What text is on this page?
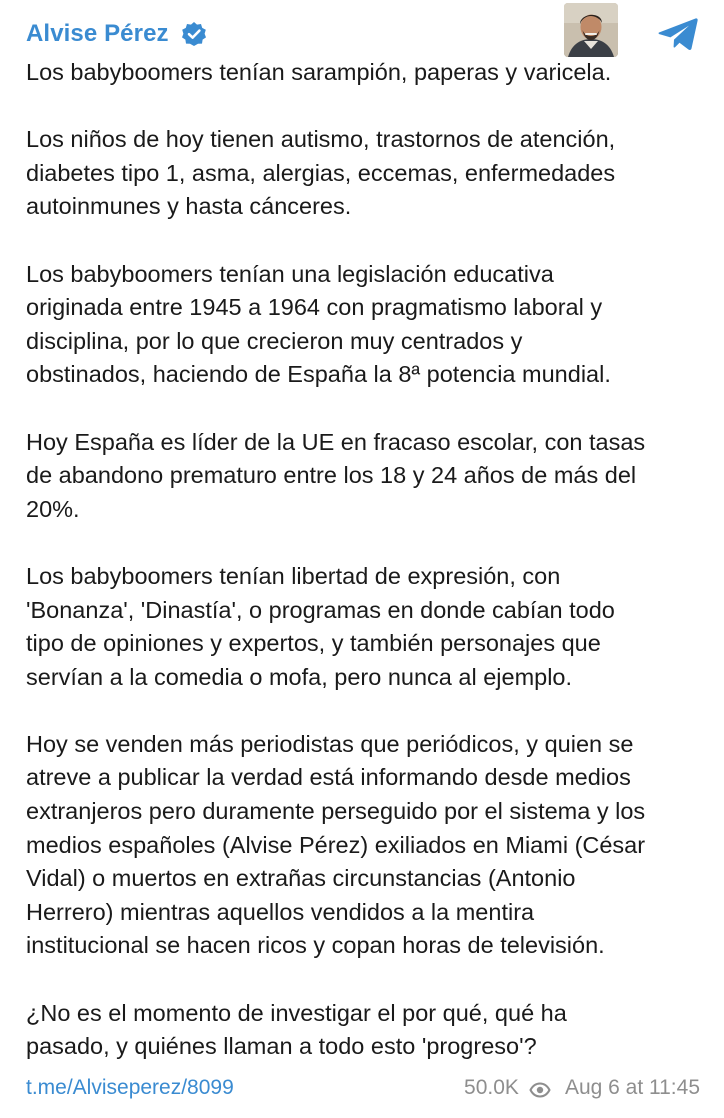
Alvise Pérez

Los babyboomers tenían sarampión, paperas y varicela.

Los niños de hoy tienen autismo, trastornos de atención,
diabetes tipo 1, asma, alergias, eccemas, enfermedades
autoinmunes y hasta cánceres.

Los babyboomers tenían una legislación educativa
originada entre 1945 a 1964 con pragmatismo laboral y
disciplina, por lo que crecieron muy centrados y
obstinados, haciendo de España la 8ª potencia mundial.

Hoy España es líder de la UE en fracaso escolar, con tasas
de abandono prematuro entre los 18 y 24 años de más del
20%.

Los babyboomers tenían libertad de expresión, con
'Bonanza', 'Dinastía', o programas en donde cabían todo
tipo de opiniones y expertos, y también personajes que
servían a la comedia o mofa, pero nunca al ejemplo.

Hoy se venden más periodistas que periódicos, y quien se
atreve a publicar la verdad está informando desde medios
extranjeros pero duramente perseguido por el sistema y los
medios españoles (Alvise Pérez) exiliados en Miami (César
Vidal) o muertos en extrañas circunstancias (Antonio
Herrero) mientras aquellos vendidos a la mentira
institucional se hacen ricos y copan horas de televisión.

¿No es el momento de investigar el por qué, qué ha
pasado, y quiénes llaman a todo esto 'progreso'?

t.me/Alviseperez/8099	50.0K Aug 6 at 11:45
